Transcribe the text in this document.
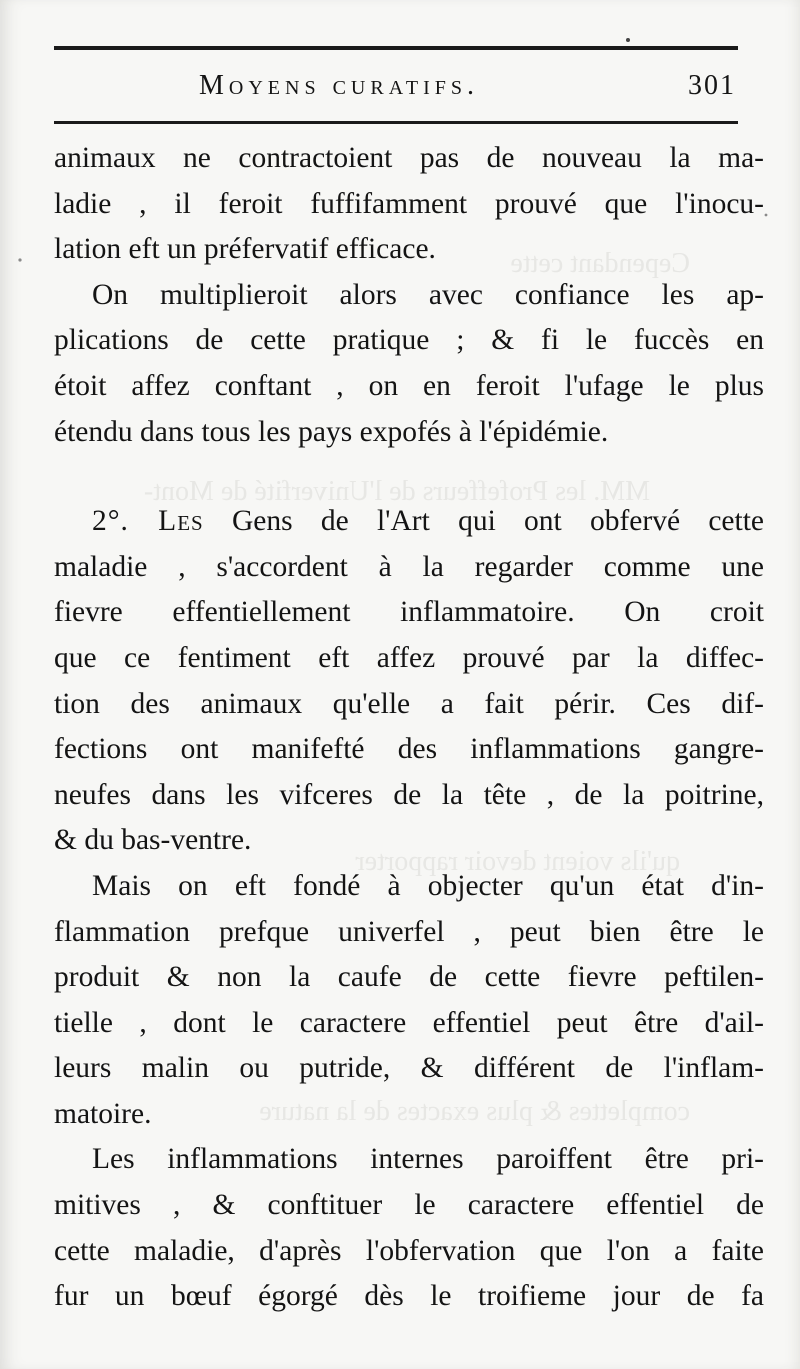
Cependant cette
MM. les Profeffeurs de l'Univerfité de Mont-
qu'ils voient devoir rapporter
complettes & plus exactes de la nature
Moyens curatifs.	301
animaux ne contractoient pas de nouveau la ma-
ladie , il feroit fuffifamment prouvé que l'inocu-
lation eft un préfervatif efficace.
On multiplieroit alors avec confiance les ap-
plications de cette pratique ; & fi le fuccès en
étoit affez conftant , on en feroit l'ufage le plus
étendu dans tous les pays expofés à l'épidémie.
2°. Les Gens de l'Art qui ont obfervé cette
maladie , s'accordent à la regarder comme une
fievre effentiellement inflammatoire. On croit
que ce fentiment eft affez prouvé par la diffec-
tion des animaux qu'elle a fait périr. Ces dif-
fections ont manifefté des inflammations gangre-
neufes dans les vifceres de la tête , de la poitrine,
& du bas-ventre.
Mais on eft fondé à objecter qu'un état d'in-
flammation prefque univerfel , peut bien être le
produit & non la caufe de cette fievre peftilen-
tielle , dont le caractere effentiel peut être d'ail-
leurs malin ou putride, & différent de l'inflam-
matoire.
Les inflammations internes paroiffent être pri-
mitives , & conftituer le caractere effentiel de
cette maladie, d'après l'obfervation que l'on a faite
fur un bœuf égorgé dès le troifieme jour de fa
